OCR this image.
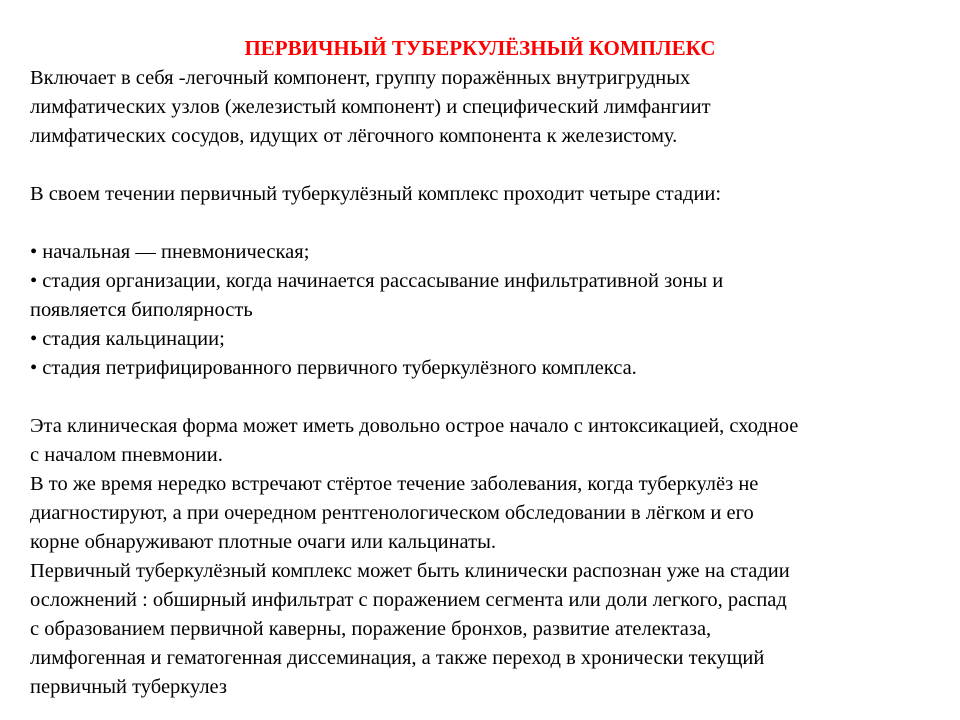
ПЕРВИЧНЫЙ ТУБЕРКУЛЁЗНЫЙ КОМПЛЕКС
Включает в себя -легочный компонент, группу поражённых внутригрудных
лимфатических узлов (железистый компонент) и специфический лимфангиит
лимфатических сосудов, идущих от лёгочного компонента к железистому.
В своем течении первичный туберкулёзный комплекс проходит четыре стадии:
• начальная — пневмоническая;
• стадия организации, когда начинается рассасывание инфильтративной зоны и
появляется биполярность
• стадия кальцинации;
• стадия петрифицированного первичного туберкулёзного комплекса.
Эта клиническая форма может иметь довольно острое начало с интоксикацией, сходное
с началом пневмонии.
В то же время нередко встречают стёртое течение заболевания, когда туберкулёз не
диагностируют, а при очередном рентгенологическом обследовании в лёгком и его
корне обнаруживают плотные очаги или кальцинаты.
Первичный туберкулёзный комплекс может быть клинически распознан уже на стадии
осложнений : обширный инфильтрат с поражением сегмента или доли легкого, распад
с образованием первичной каверны, поражение бронхов, развитие ателектаза,
лимфогенная и гематогенная диссеминация, а также переход в хронически текущий
первичный туберкулез
